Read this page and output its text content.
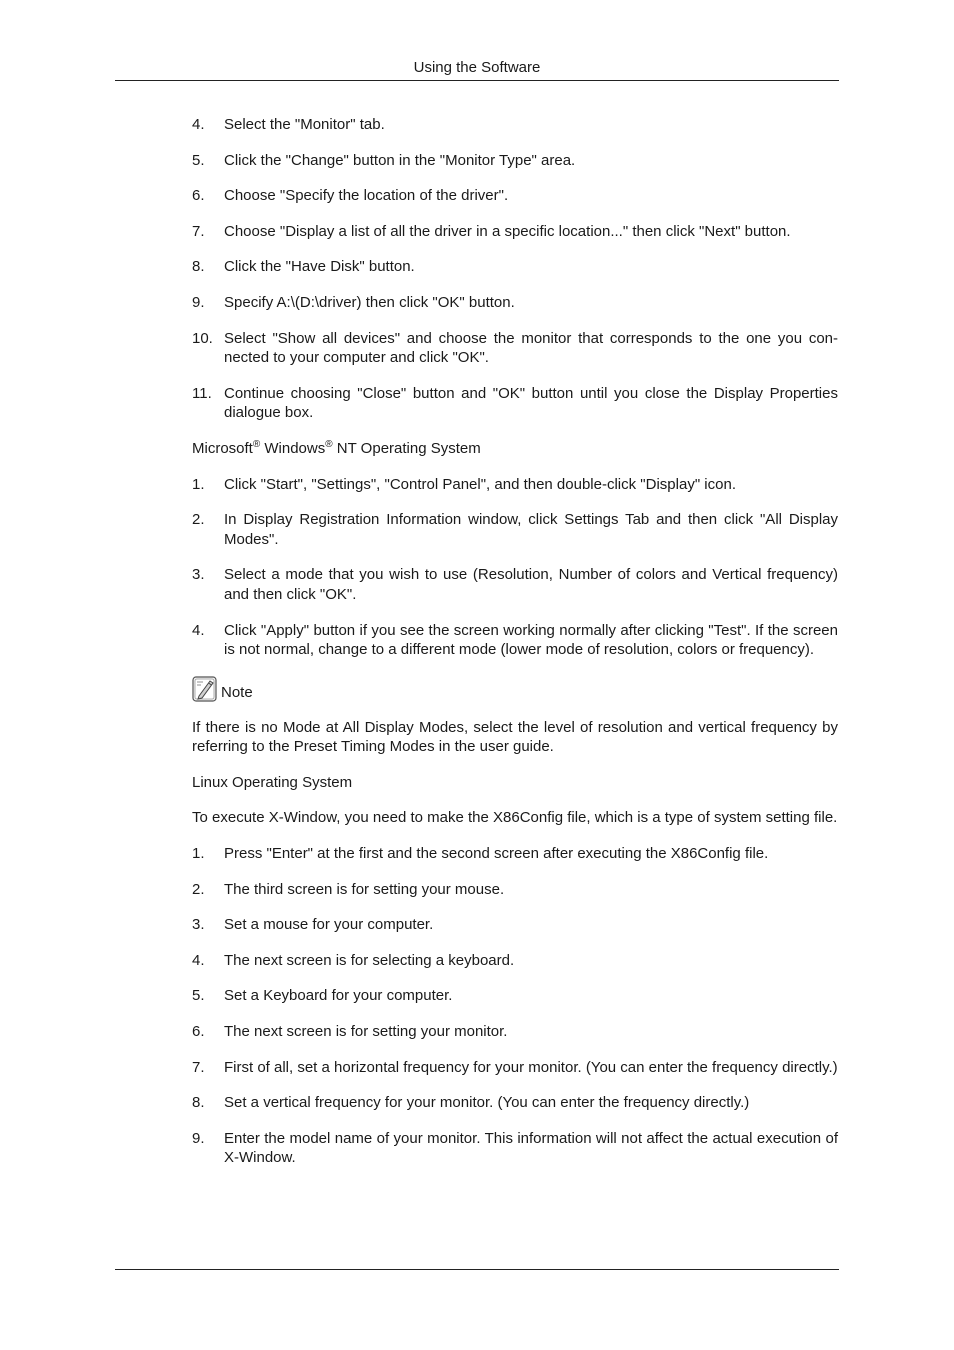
Using the Software
4. Select the "Monitor" tab.
5. Click the "Change" button in the "Monitor Type" area.
6. Choose "Specify the location of the driver".
7. Choose "Display a list of all the driver in a specific location..." then click "Next" button.
8. Click the "Have Disk" button.
9. Specify A:\(D:\driver) then click "OK" button.
10. Select "Show all devices" and choose the monitor that corresponds to the one you con-nected to your computer and click "OK".
11. Continue choosing "Close" button and "OK" button until you close the Display Properties dialogue box.
Microsoft® Windows® NT Operating System
1. Click "Start", "Settings", "Control Panel", and then double-click "Display" icon.
2. In Display Registration Information window, click Settings Tab and then click "All Display Modes".
3. Select a mode that you wish to use (Resolution, Number of colors and Vertical frequency) and then click "OK".
4. Click "Apply" button if you see the screen working normally after clicking "Test". If the screen is not normal, change to a different mode (lower mode of resolution, colors or frequency).
Note
If there is no Mode at All Display Modes, select the level of resolution and vertical frequency by referring to the Preset Timing Modes in the user guide.
Linux Operating System
To execute X-Window, you need to make the X86Config file, which is a type of system setting file.
1. Press "Enter" at the first and the second screen after executing the X86Config file.
2. The third screen is for setting your mouse.
3. Set a mouse for your computer.
4. The next screen is for selecting a keyboard.
5. Set a Keyboard for your computer.
6. The next screen is for setting your monitor.
7. First of all, set a horizontal frequency for your monitor. (You can enter the frequency directly.)
8. Set a vertical frequency for your monitor. (You can enter the frequency directly.)
9. Enter the model name of your monitor. This information will not affect the actual execution of X-Window.
